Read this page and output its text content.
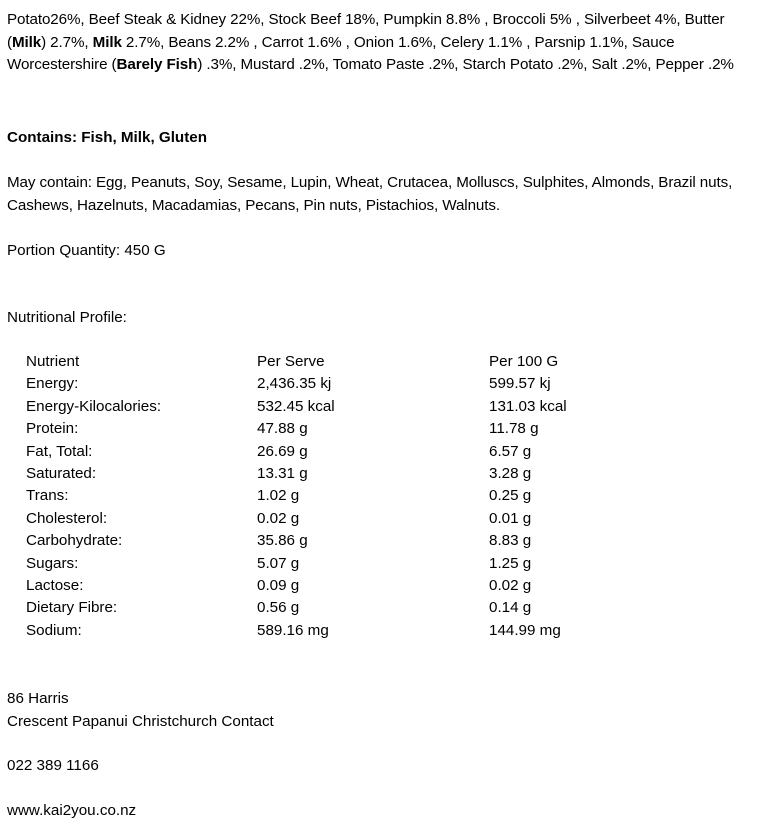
Potato26%, Beef Steak & Kidney 22%, Stock Beef 18%, Pumpkin 8.8% , Broccoli 5% , Silverbeet 4%, Butter (Milk) 2.7%, Milk 2.7%, Beans 2.2% , Carrot 1.6% , Onion 1.6%, Celery 1.1% , Parsnip 1.1%, Sauce Worcestershire (Barely Fish) .3%, Mustard .2%, Tomato Paste .2%, Starch Potato .2%, Salt .2%, Pepper .2%
Contains: Fish, Milk, Gluten
May contain: Egg, Peanuts, Soy, Sesame, Lupin, Wheat, Crutacea, Molluscs, Sulphites, Almonds, Brazil nuts, Cashews, Hazelnuts, Macadamias, Pecans, Pin nuts, Pistachios, Walnuts.
Portion Quantity: 450 G
Nutritional Profile:
Nutrient	Per Serve	Per 100 G
Energy:	2,436.35 kj	599.57 kj
Energy-Kilocalories:	532.45 kcal	131.03 kcal
Protein:	47.88 g	11.78 g
Fat, Total:	26.69 g	6.57 g
Saturated:	13.31 g	3.28 g
Trans:	1.02 g	0.25 g
Cholesterol:	0.02 g	0.01 g
Carbohydrate:	35.86 g	8.83 g
Sugars:	5.07 g	1.25 g
Lactose:	0.09 g	0.02 g
Dietary Fibre:	0.56 g	0.14 g
Sodium:	589.16 mg	144.99 mg
86 Harris
Crescent Papanui Christchurch Contact
022 389 1166
www.kai2you.co.nz
